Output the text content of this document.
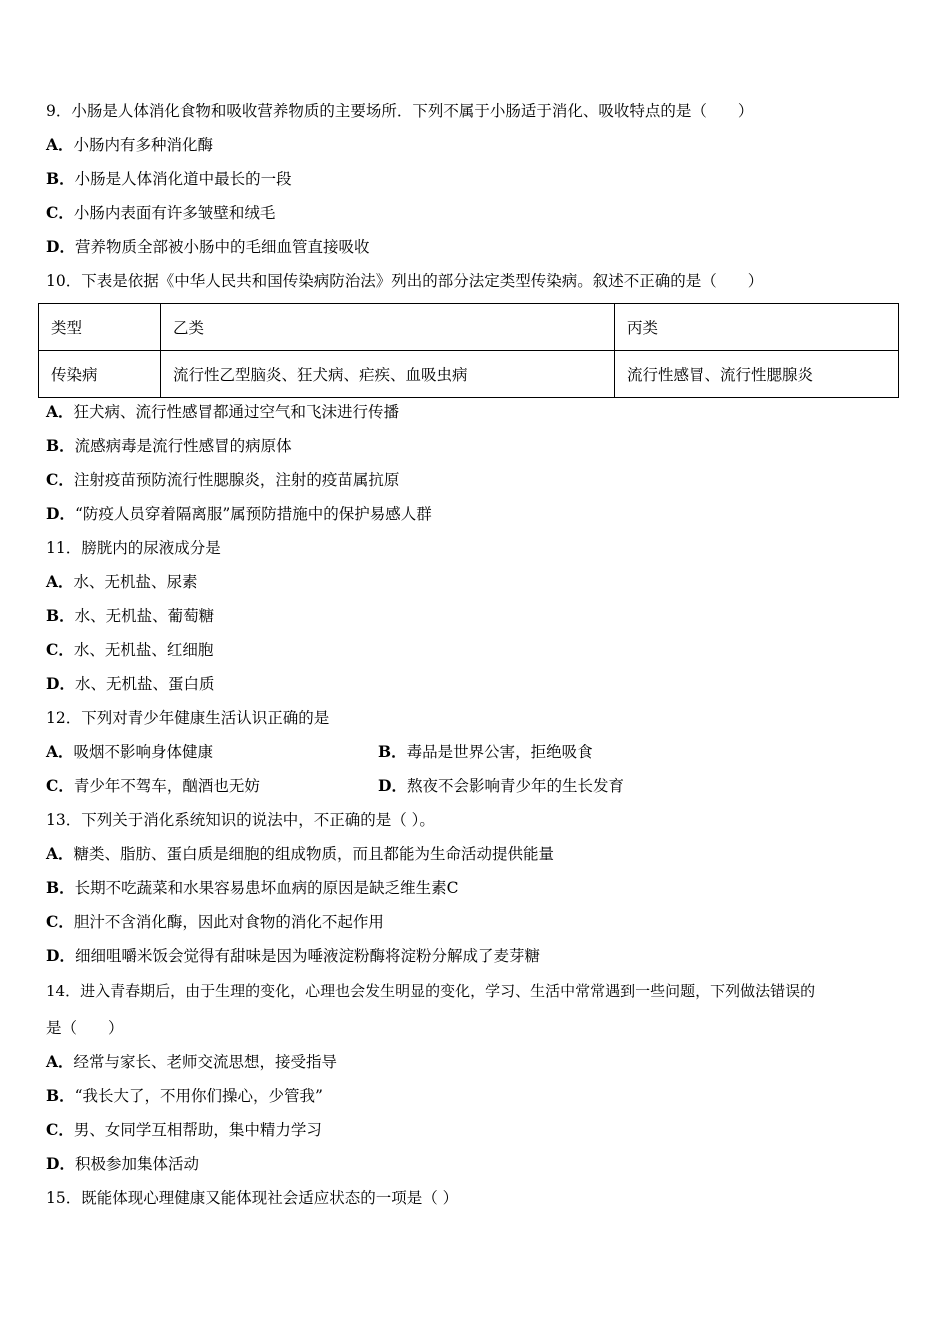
9．小肠是人体消化食物和吸收营养物质的主要场所．下列不属于小肠适于消化、吸收特点的是（　　）
A．小肠内有多种消化酶
B．小肠是人体消化道中最长的一段
C．小肠内表面有许多皱壁和绒毛
D．营养物质全部被小肠中的毛细血管直接吸收
10．下表是依据《中华人民共和国传染病防治法》列出的部分法定类型传染病。叙述不正确的是（　　）
类型	乙类	丙类
传染病	流行性乙型脑炎、狂犬病、疟疾、血吸虫病	流行性感冒、流行性腮腺炎
A．狂犬病、流行性感冒都通过空气和飞沫进行传播
B．流感病毒是流行性感冒的病原体
C．注射疫苗预防流行性腮腺炎，注射的疫苗属抗原
D．“防疫人员穿着隔离服”属预防措施中的保护易感人群
11．膀胱内的尿液成分是
A．水、无机盐、尿素
B．水、无机盐、葡萄糖
C．水、无机盐、红细胞
D．水、无机盐、蛋白质
12．下列对青少年健康生活认识正确的是
A．吸烟不影响身体健康	B．毒品是世界公害，拒绝吸食
C．青少年不驾车，酗酒也无妨	D．熬夜不会影响青少年的生长发育
13．下列关于消化系统知识的说法中，不正确的是（ ）。
A．糖类、脂肪、蛋白质是细胞的组成物质，而且都能为生命活动提供能量
B．长期不吃蔬菜和水果容易患坏血病的原因是缺乏维生素C
C．胆汁不含消化酶，因此对食物的消化不起作用
D．细细咀嚼米饭会觉得有甜味是因为唾液淀粉酶将淀粉分解成了麦芽糖
14．进入青春期后，由于生理的变化，心理也会发生明显的变化，学习、生活中常常遇到一些问题，下列做法错误的
是（　　）
A．经常与家长、老师交流思想，接受指导
B．“我长大了，不用你们操心，少管我”
C．男、女同学互相帮助，集中精力学习
D．积极参加集体活动
15．既能体现心理健康又能体现社会适应状态的一项是（ ）
